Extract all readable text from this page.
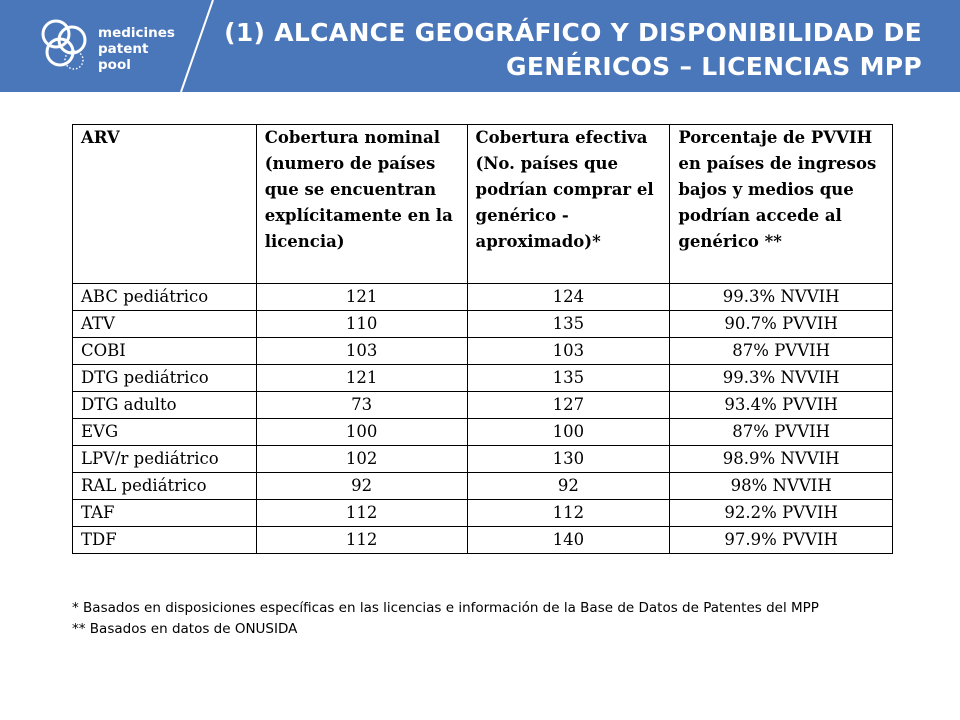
medicines
patent
pool
(1) ALCANCE GEOGRÁFICO Y DISPONIBILIDAD DE
GENÉRICOS – LICENCIAS MPP
ARV	Cobertura nominal (numero de países que se encuentran explícitamente en la licencia)	Cobertura efectiva (No. países que podrían comprar el genérico - aproximado)*	Porcentaje de PVVIH en países de ingresos bajos y medios que podrían accede al genérico **
ABC pediátrico	121	124	99.3% NVVIH
ATV	110	135	90.7% PVVIH
COBI	103	103	87% PVVIH
DTG pediátrico	121	135	99.3% NVVIH
DTG adulto	73	127	93.4% PVVIH
EVG	100	100	87% PVVIH
LPV/r pediátrico	102	130	98.9% NVVIH
RAL pediátrico	92	92	98% NVVIH
TAF	112	112	92.2% PVVIH
TDF	112	140	97.9% PVVIH
* Basados en disposiciones específicas en las licencias e información de la Base de Datos de Patentes del MPP
** Basados en datos de ONUSIDA
